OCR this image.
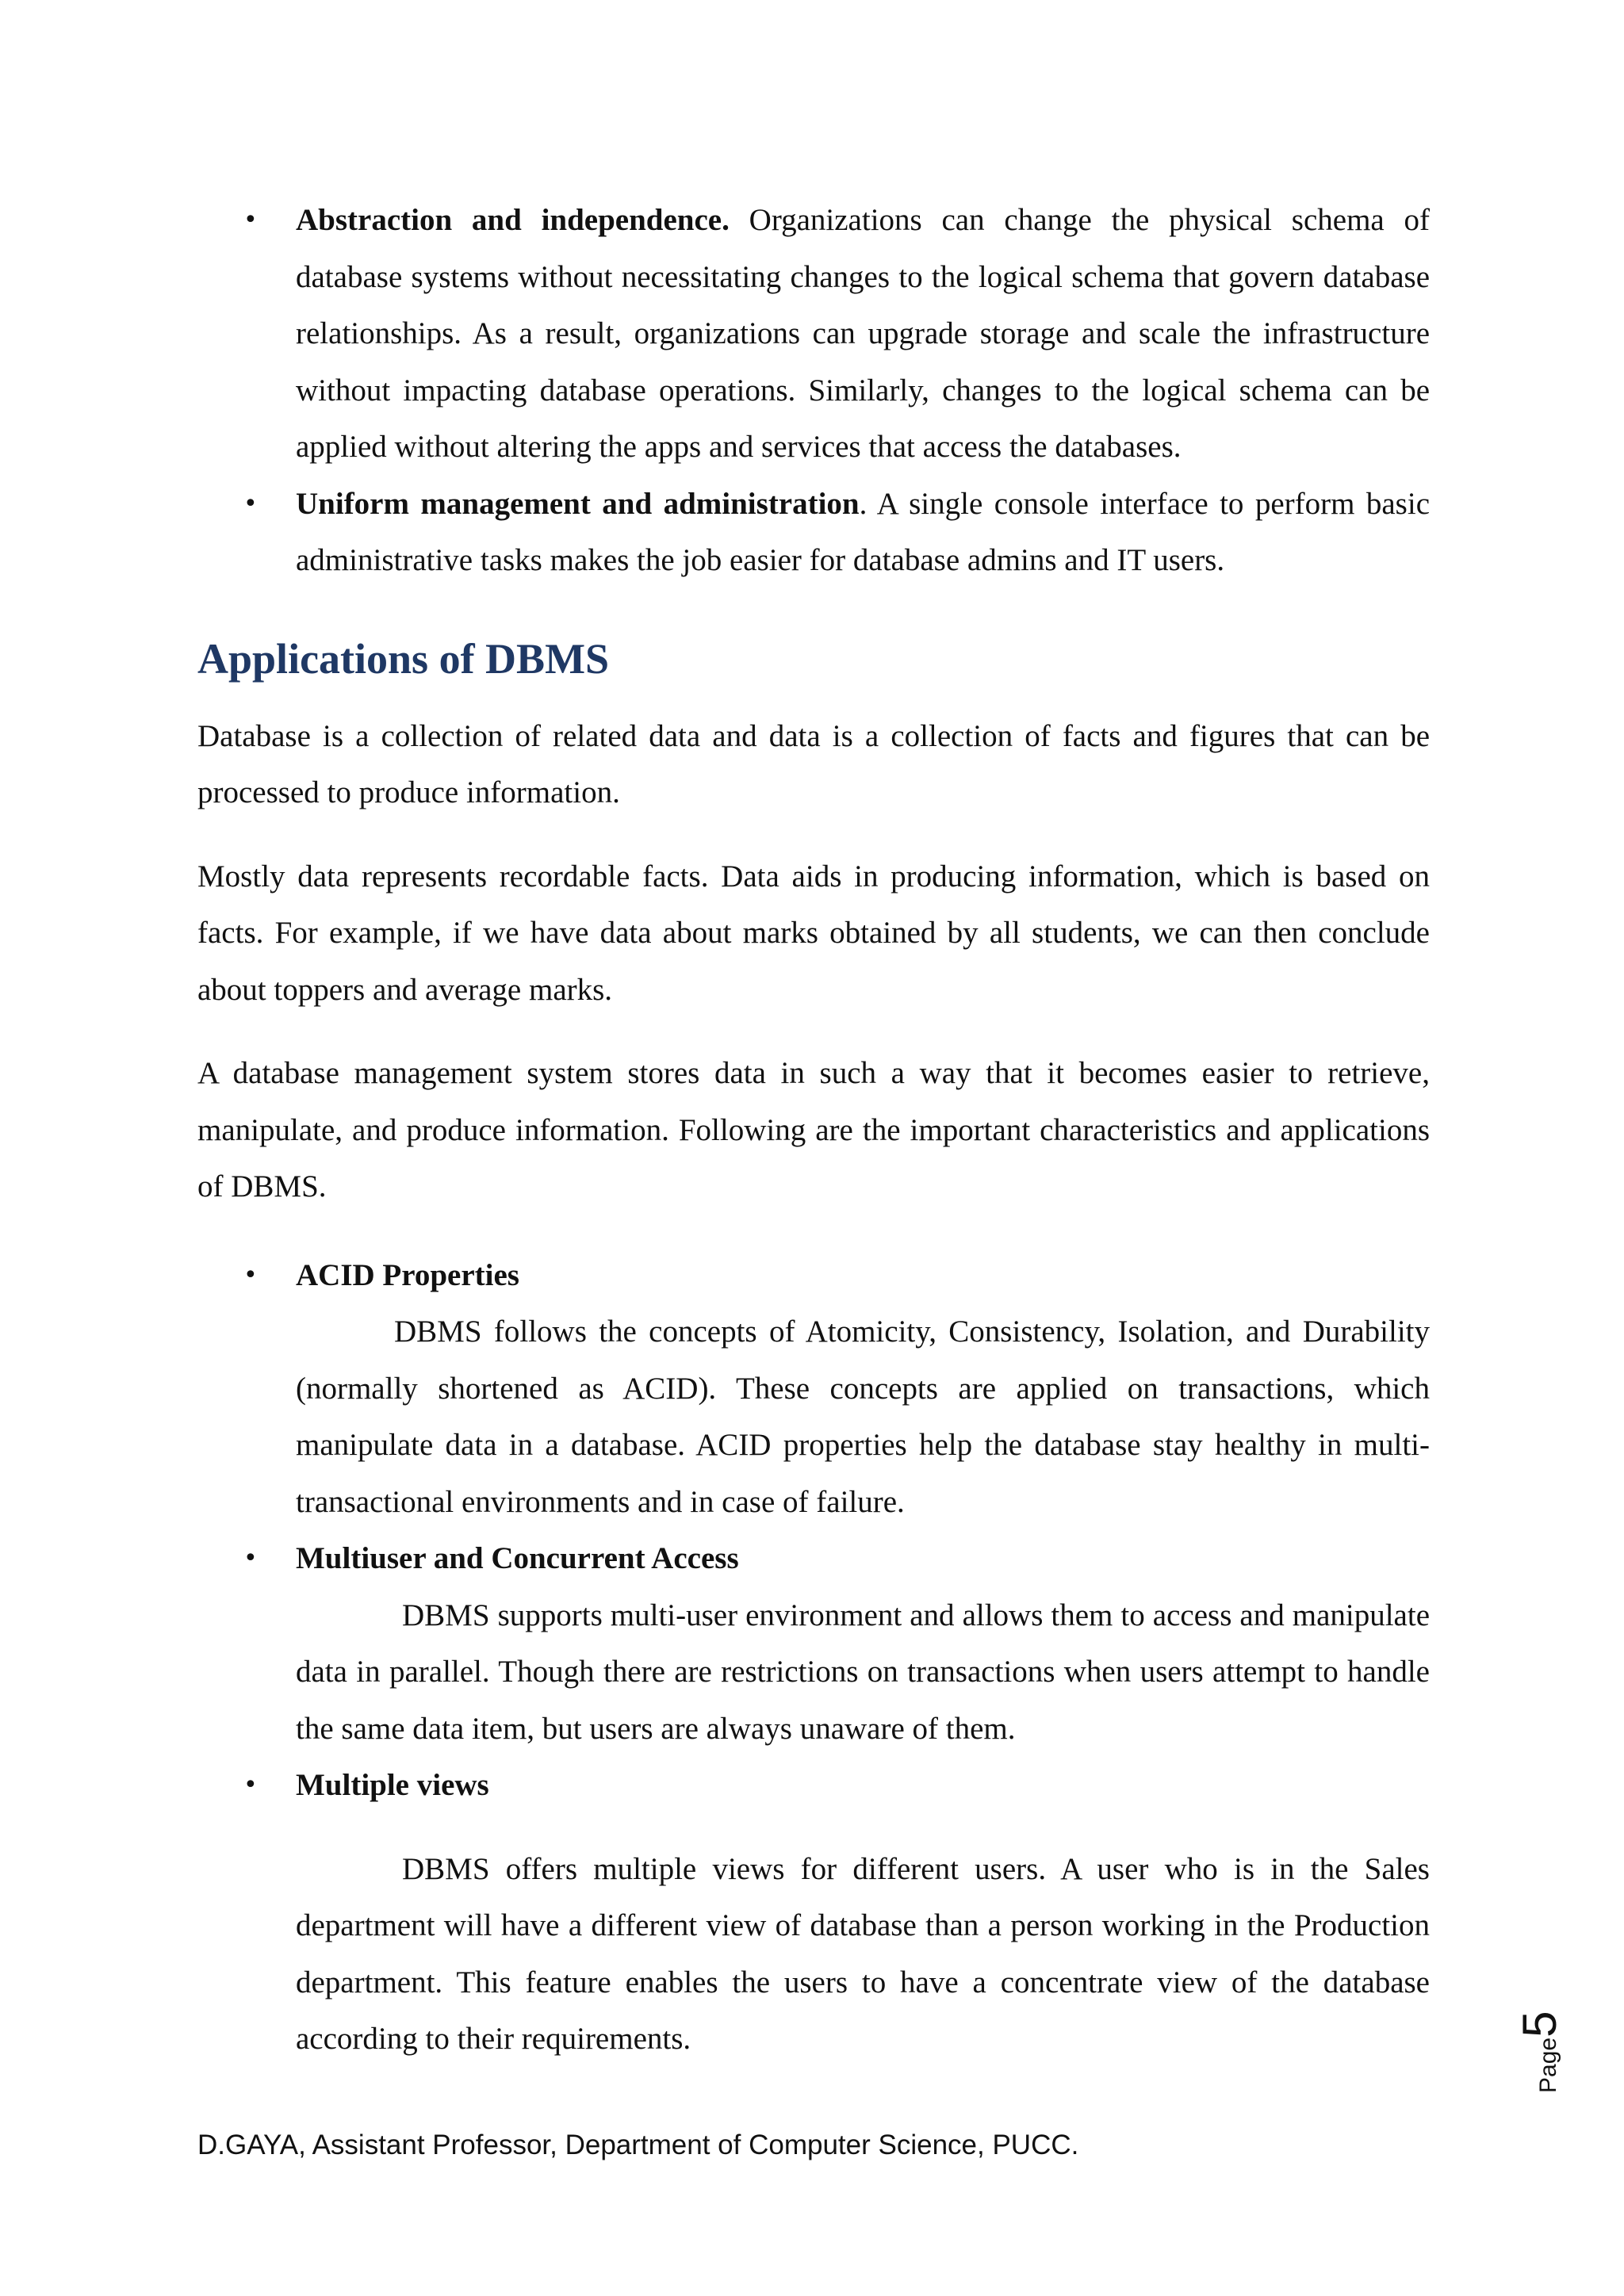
• Abstraction and independence. Organizations can change the physical schema of database systems without necessitating changes to the logical schema that govern database relationships. As a result, organizations can upgrade storage and scale the infrastructure without impacting database operations. Similarly, changes to the logical schema can be applied without altering the apps and services that access the databases.

• Uniform management and administration. A single console interface to perform basic administrative tasks makes the job easier for database admins and IT users.

Applications of DBMS

Database is a collection of related data and data is a collection of facts and figures that can be processed to produce information.

Mostly data represents recordable facts. Data aids in producing information, which is based on facts. For example, if we have data about marks obtained by all students, we can then conclude about toppers and average marks.

A database management system stores data in such a way that it becomes easier to retrieve, manipulate, and produce information. Following are the important characteristics and applications of DBMS.

• ACID Properties

DBMS follows the concepts of Atomicity, Consistency, Isolation, and Durability (normally shortened as ACID). These concepts are applied on transactions, which manipulate data in a database. ACID properties help the database stay healthy in multi-transactional environments and in case of failure.

• Multiuser and Concurrent Access

DBMS supports multi-user environment and allows them to access and manipulate data in parallel. Though there are restrictions on transactions when users attempt to handle the same data item, but users are always unaware of them.

• Multiple views

DBMS offers multiple views for different users. A user who is in the Sales department will have a different view of database than a person working in the Production department. This feature enables the users to have a concentrate view of the database according to their requirements.

D.GAYA, Assistant Professor, Department of Computer Science, PUCC.
Page5
